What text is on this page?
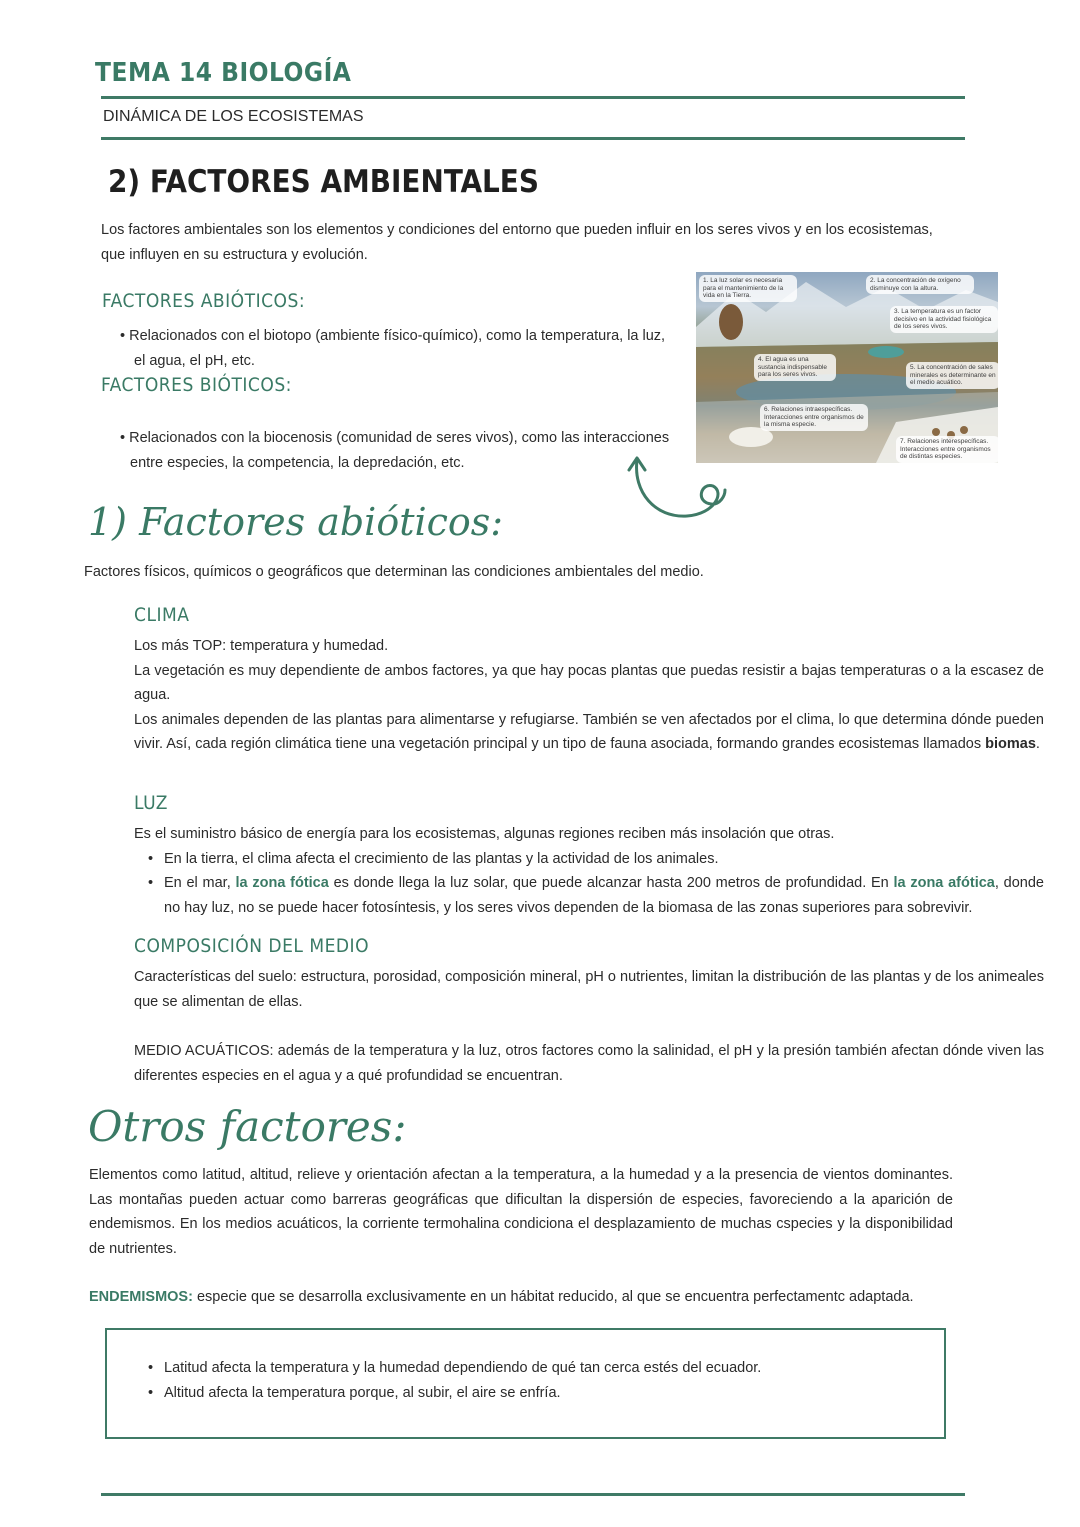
TEMA 14 BIOLOGÍA
DINÁMICA DE LOS ECOSISTEMAS
2) FACTORES AMBIENTALES
Los factores ambientales son los elementos y condiciones del entorno que pueden influir en los seres vivos y en los ecosistemas,
que influyen en su estructura y evolución.
FACTORES ABIÓTICOS:
• Relacionados con el biotopo (ambiente físico-químico), como la temperatura, la luz,
el agua, el pH, etc.
FACTORES BIÓTICOS:
• Relacionados con la biocenosis (comunidad de seres vivos), como las interacciones
entre especies, la competencia, la depredación, etc.
1. La luz solar es necesaria para el mantenimiento de la vida en la Tierra.
2. La concentración de oxígeno disminuye con la altura.
3. La temperatura es un factor decisivo en la actividad fisiológica de los seres vivos.
4. El agua es una sustancia indispensable para los seres vivos.
5. La concentración de sales minerales es determinante en el medio acuático.
6. Relaciones intraespecíficas. Interacciones entre organismos de la misma especie.
7. Relaciones interespecíficas. Interacciones entre organismos de distintas especies.
1) Factores abióticos:
Factores físicos, químicos o geográficos que determinan las condiciones ambientales del medio.
CLIMA
Los más TOP: temperatura y humedad.
La vegetación es muy dependiente de ambos factores, ya que hay pocas plantas que puedas resistir a bajas temperaturas o a la escasez de agua.
Los animales dependen de las plantas para alimentarse y refugiarse. También se ven afectados por el clima, lo que determina dónde pueden vivir. Así, cada región climática tiene una vegetación principal y un tipo de fauna asociada, formando grandes ecosistemas llamados biomas.
LUZ
Es el suministro básico de energía para los ecosistemas, algunas regiones reciben más insolación que otras.
• En la tierra, el clima afecta el crecimiento de las plantas y la actividad de los animales.
• En el mar, la zona fótica es donde llega la luz solar, que puede alcanzar hasta 200 metros de profundidad. En la zona afótica, donde no hay luz, no se puede hacer fotosíntesis, y los seres vivos dependen de la biomasa de las zonas superiores para sobrevivir.
COMPOSICIÓN DEL MEDIO
Características del suelo: estructura, porosidad, composición mineral, pH o nutrientes, limitan la distribución de las plantas y de los animeales que se alimentan de ellas.
MEDIO ACUÁTICOS: además de la temperatura y la luz, otros factores como la salinidad, el pH y la presión también afectan dónde viven las diferentes especies en el agua y a qué profundidad se encuentran.
Otros factores:
Elementos como latitud, altitud, relieve y orientación afectan a la temperatura, a la humedad y a la presencia de vientos dominantes. Las montañas pueden actuar como barreras geográficas que dificultan la dispersión de especies, favoreciendo a la aparición de endemismos. En los medios acuáticos, la corriente termohalina condiciona el desplazamiento de muchas cspecies y la disponibilidad de nutrientes.
ENDEMISMOS: especie que se desarrolla exclusivamente en un hábitat reducido, al que se encuentra perfectamentc adaptada.
• Latitud afecta la temperatura y la humedad dependiendo de qué tan cerca estés del ecuador.
• Altitud afecta la temperatura porque, al subir, el aire se enfría.
